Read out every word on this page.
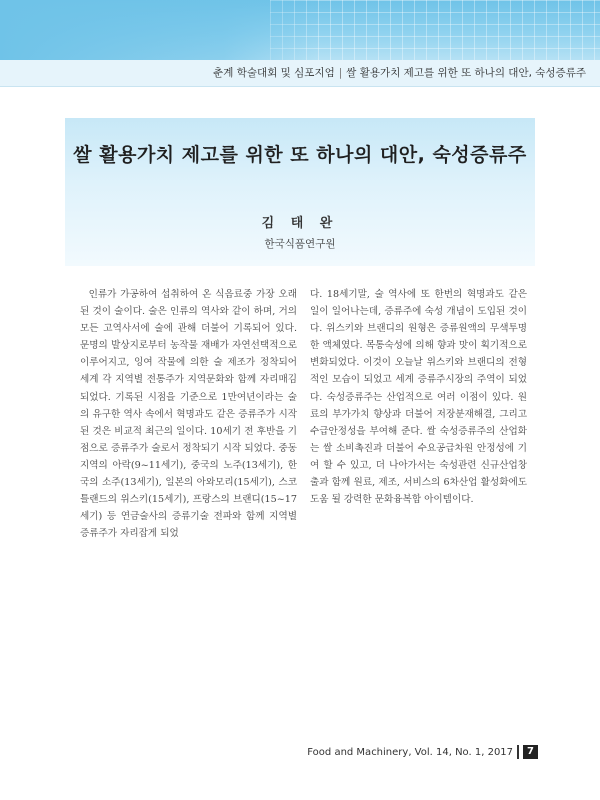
춘계 학술대회 및 심포지엄 | 쌀 활용가치 제고를 위한 또 하나의 대안, 숙성증류주
쌀 활용가치 제고를 위한 또 하나의 대안, 숙성증류주
김 태 완
한국식품연구원

인류가 가공하여 섭취하여 온 식음료중 가장 오래된 것이 술이다. 술은 인류의 역사와 같이 하며, 거의 모든 고역사서에 술에 관해 더불어 기록되어 있다. 문명의 발상지로부터 농작물 재배가 자연선택적으로 이루어지고, 잉여 작물에 의한 술 제조가 정착되어 세계 각 지역별 전통주가 지역문화와 함께 자리매김 되었다. 기록된 시점을 기준으로 1만여년이라는 술의 유구한 역사 속에서 혁명과도 같은 증류주가 시작된 것은 비교적 최근의 일이다. 10세기 전 후반을 기점으로 증류주가 술로서 정착되기 시작 되었다. 중동지역의 아락(9~11세기), 중국의 노주(13세기), 한국의 소주(13세기), 일본의 아와모리(15세기), 스코틀랜드의 위스키(15세기), 프랑스의 브랜디(15~17세기) 등 연금술사의 증류기술 전파와 함께 지역별 증류주가 자리잡게 되었

다. 18세기말, 술 역사에 또 한번의 혁명과도 같은 일이 일어나는데, 증류주에 숙성 개념이 도입된 것이다. 위스키와 브랜디의 원형은 증류원액의 무색투명한 액체였다. 목통숙성에 의해 향과 맛이 획기적으로 변화되었다. 이것이 오늘날 위스키와 브랜디의 전형적인 모습이 되었고 세계 증류주시장의 주역이 되었다. 숙성증류주는 산업적으로 여러 이점이 있다. 원료의 부가가치 향상과 더불어 저장분재해결, 그리고 수급안정성을 부여해 준다. 쌀 숙성증류주의 산업화는 쌀 소비촉진과 더불어 수요공급차원 안정성에 기여 할 수 있고, 더 나아가서는 숙성관련 신규산업창출과 함께 원료, 제조, 서비스의 6차산업 활성화에도 도움 될 강력한 문화융복합 아이템이다.

Food and Machinery, Vol. 14, No. 1, 2017	7
